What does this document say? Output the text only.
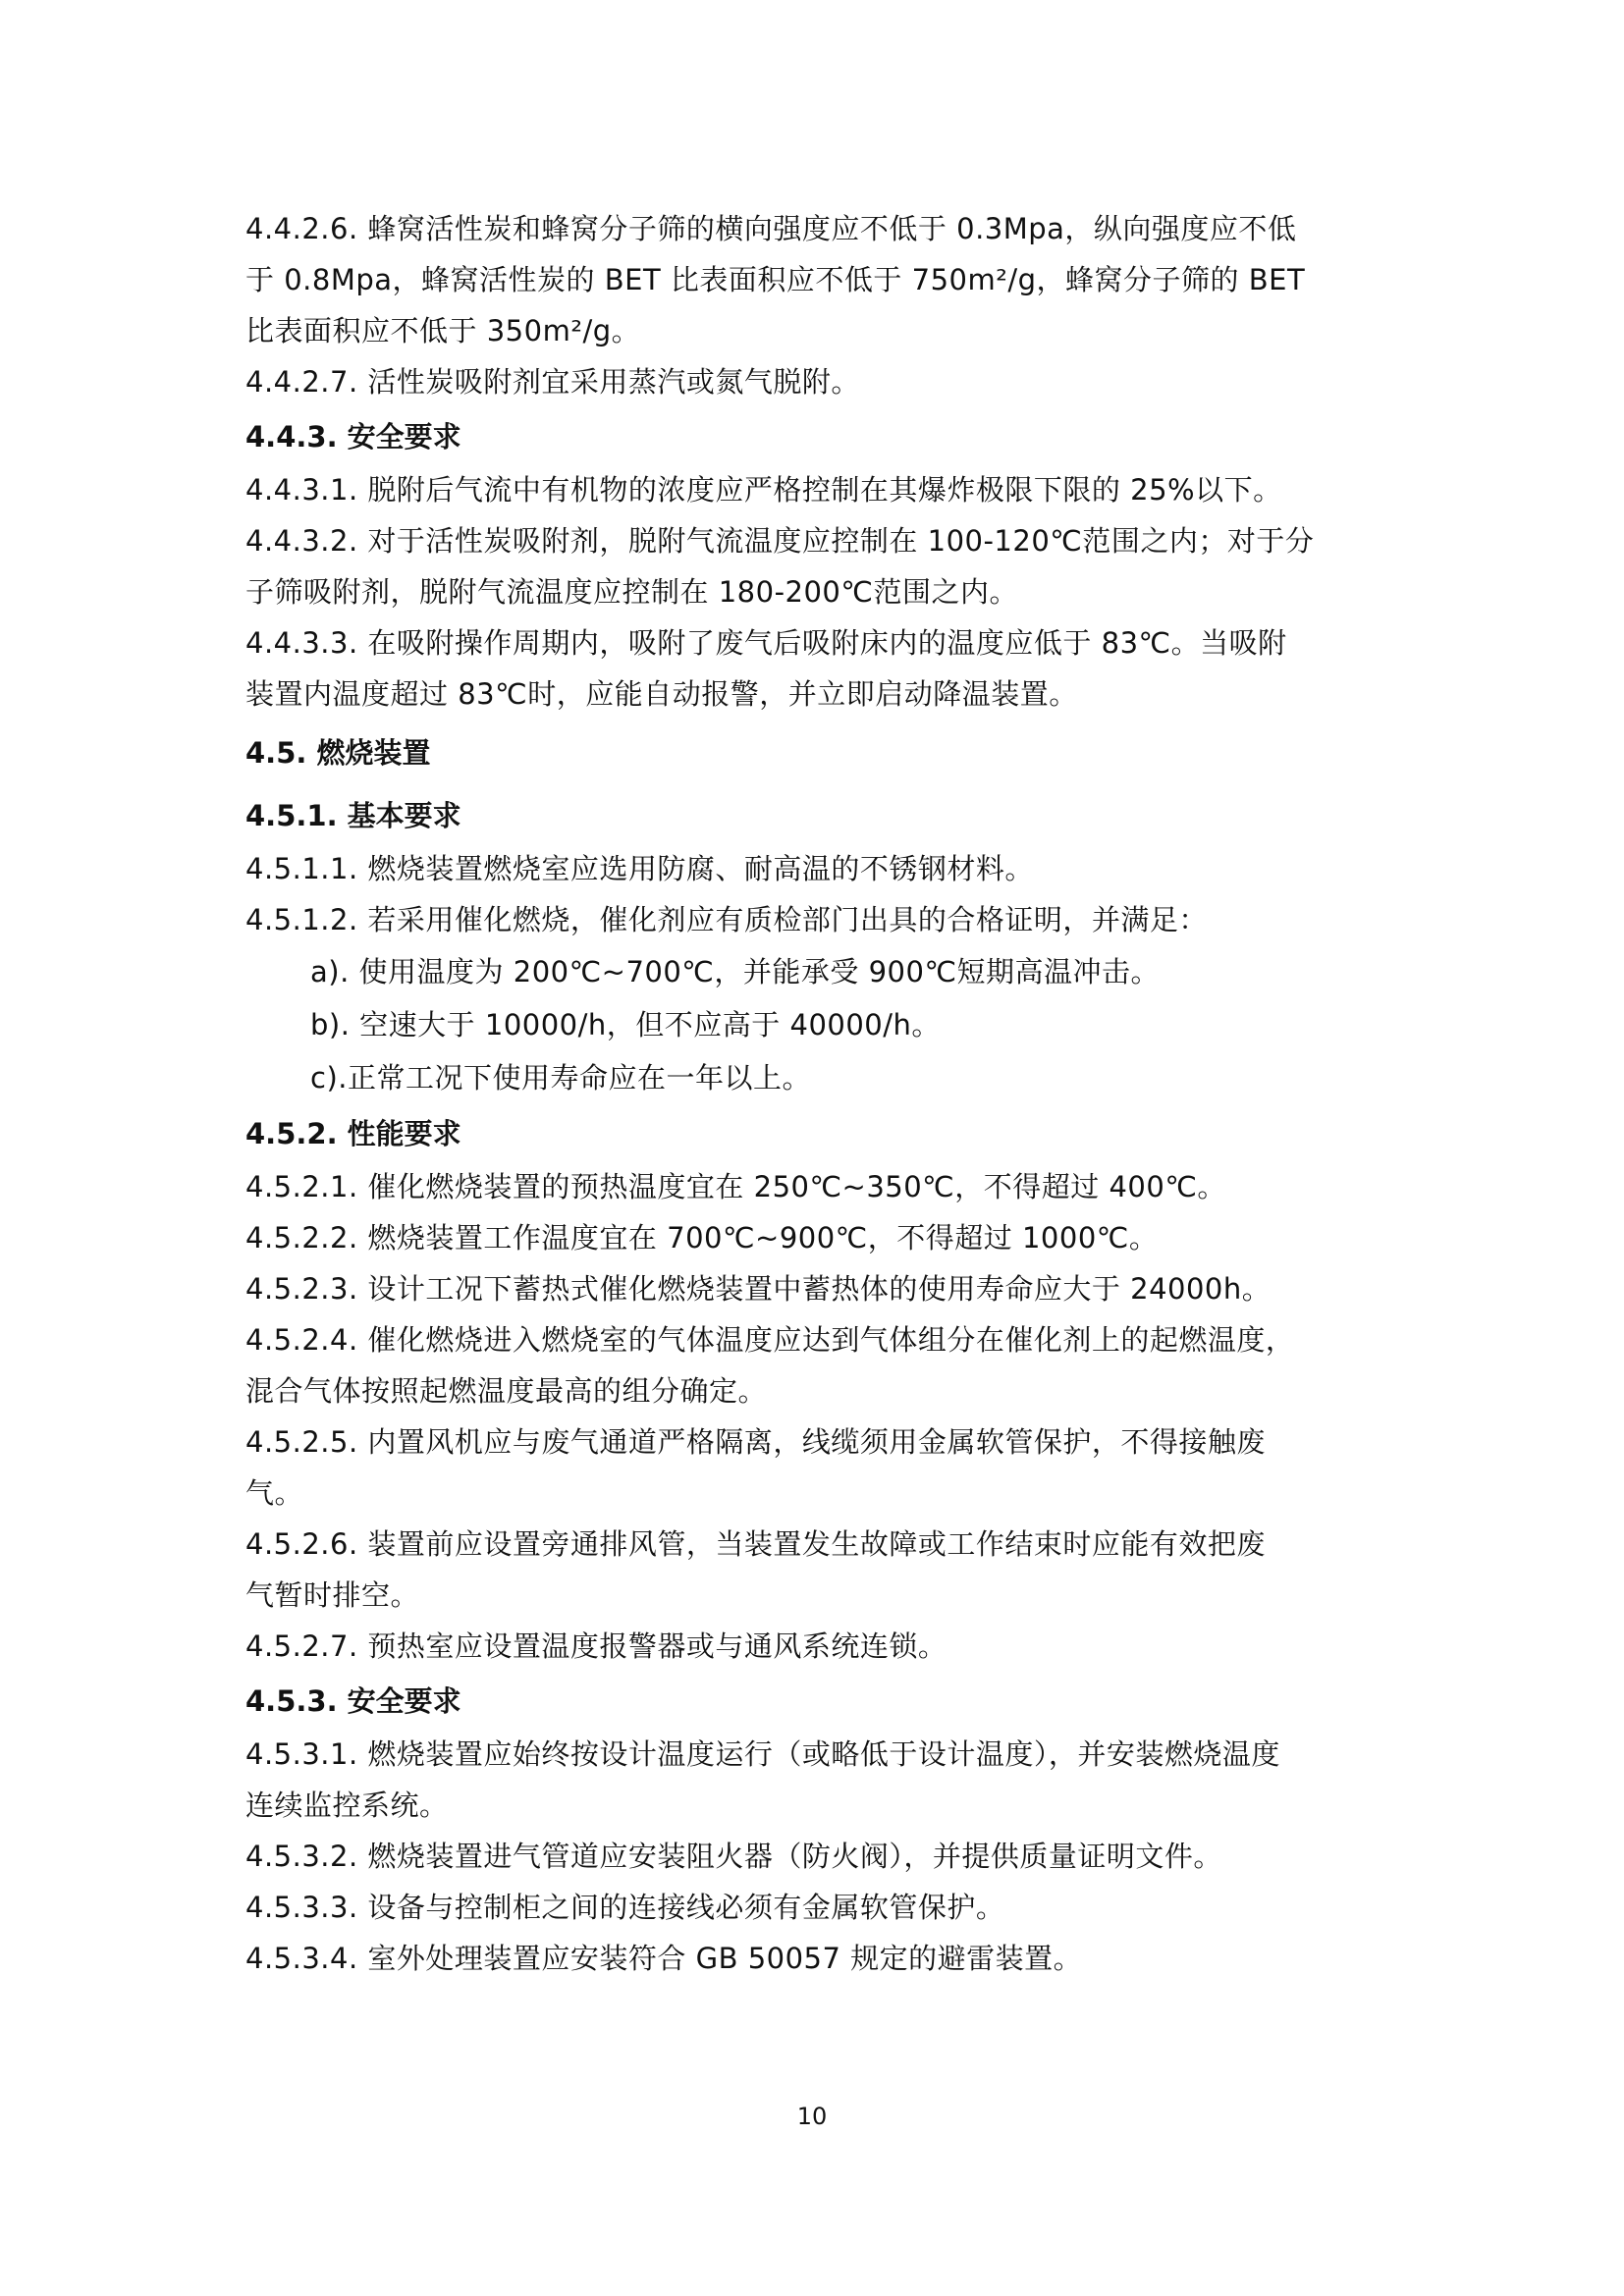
4.4.2.6. 蜂窝活性炭和蜂窝分子筛的横向强度应不低于 0.3Mpa，纵向强度应不低

于 0.8Mpa，蜂窝活性炭的 BET 比表面积应不低于 750m²/g，蜂窝分子筛的 BET

比表面积应不低于 350m²/g。

4.4.2.7. 活性炭吸附剂宜采用蒸汽或氮气脱附。

4.4.3. 安全要求

4.4.3.1. 脱附后气流中有机物的浓度应严格控制在其爆炸极限下限的 25%以下。

4.4.3.2. 对于活性炭吸附剂，脱附气流温度应控制在 100-120℃范围之内；对于分

子筛吸附剂，脱附气流温度应控制在 180-200℃范围之内。

4.4.3.3. 在吸附操作周期内，吸附了废气后吸附床内的温度应低于 83℃。当吸附

装置内温度超过 83℃时，应能自动报警，并立即启动降温装置。

4.5. 燃烧装置

4.5.1. 基本要求

4.5.1.1. 燃烧装置燃烧室应选用防腐、耐高温的不锈钢材料。

4.5.1.2. 若采用催化燃烧，催化剂应有质检部门出具的合格证明，并满足：

a). 使用温度为 200℃~700℃，并能承受 900℃短期高温冲击。

b). 空速大于 10000/h，但不应高于 40000/h。

c).正常工况下使用寿命应在一年以上。

4.5.2. 性能要求

4.5.2.1. 催化燃烧装置的预热温度宜在 250℃~350℃，不得超过 400℃。

4.5.2.2. 燃烧装置工作温度宜在 700℃~900℃，不得超过 1000℃。

4.5.2.3. 设计工况下蓄热式催化燃烧装置中蓄热体的使用寿命应大于 24000h。

4.5.2.4. 催化燃烧进入燃烧室的气体温度应达到气体组分在催化剂上的起燃温度，

混合气体按照起燃温度最高的组分确定。

4.5.2.5. 内置风机应与废气通道严格隔离，线缆须用金属软管保护，不得接触废

气。

4.5.2.6. 装置前应设置旁通排风管，当装置发生故障或工作结束时应能有效把废

气暂时排空。

4.5.2.7. 预热室应设置温度报警器或与通风系统连锁。

4.5.3. 安全要求

4.5.3.1. 燃烧装置应始终按设计温度运行（或略低于设计温度），并安装燃烧温度

连续监控系统。

4.5.3.2. 燃烧装置进气管道应安装阻火器（防火阀），并提供质量证明文件。

4.5.3.3. 设备与控制柜之间的连接线必须有金属软管保护。

4.5.3.4. 室外处理装置应安装符合 GB 50057 规定的避雷装置。

10
